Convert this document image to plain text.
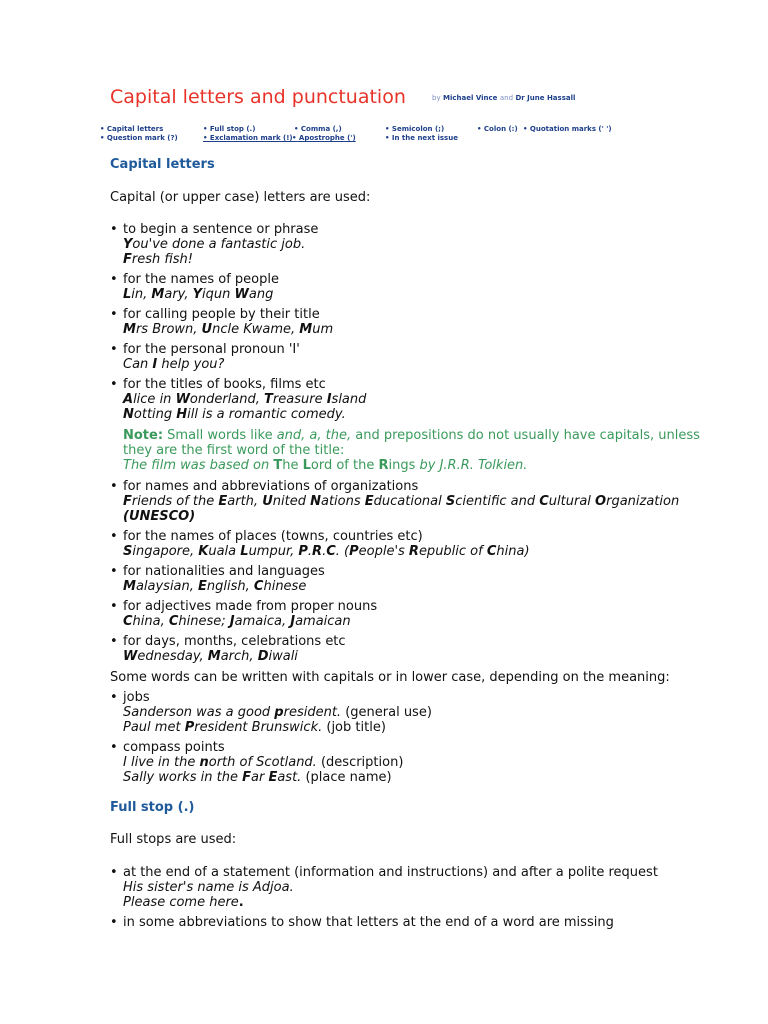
Capital letters and punctuation	$^{by Michael Vince and Dr June Hassall}$
• Capital letters
• Question mark (?)
• Full stop (.)
• Exclamation mark (!)
• Comma (,)
• Apostrophe (')
• Semicolon (;)
• In the next issue
• Colon (:) • Quotation marks (' ')
Capital letters

Capital (or upper case) letters are used:

• to begin a sentence or phrase
You've done a fantastic job.
Fresh fish!
• for the names of people
Lin, Mary, Yiqun Wang
• for calling people by their title
Mrs Brown, Uncle Kwame, Mum
• for the personal pronoun 'I'
Can I help you?
• for the titles of books, films etc
Alice in Wonderland, Treasure Island
Notting Hill is a romantic comedy.

Note: Small words like and, a, the, and prepositions do not usually have capitals, unless they are the first word of the title:
The film was based on The Lord of the Rings by J.R.R. Tolkien.

• for names and abbreviations of organizations
Friends of the Earth, United Nations Educational Scientific and Cultural Organization (UNESCO)
• for the names of places (towns, countries etc)
Singapore, Kuala Lumpur, P.R.C. (People's Republic of China)
• for nationalities and languages
Malaysian, English, Chinese
• for adjectives made from proper nouns
China, Chinese; Jamaica, Jamaican
• for days, months, celebrations etc
Wednesday, March, Diwali

Some words can be written with capitals or in lower case, depending on the meaning:

• jobs
Sanderson was a good president. (general use)
Paul met President Brunswick. (job title)
• compass points
I live in the north of Scotland. (description)
Sally works in the Far East. (place name)
Full stop (.)

Full stops are used:

• at the end of a statement (information and instructions) and after a polite request
His sister's name is Adjoa.
Please come here.
• in some abbreviations to show that letters at the end of a word are missing
